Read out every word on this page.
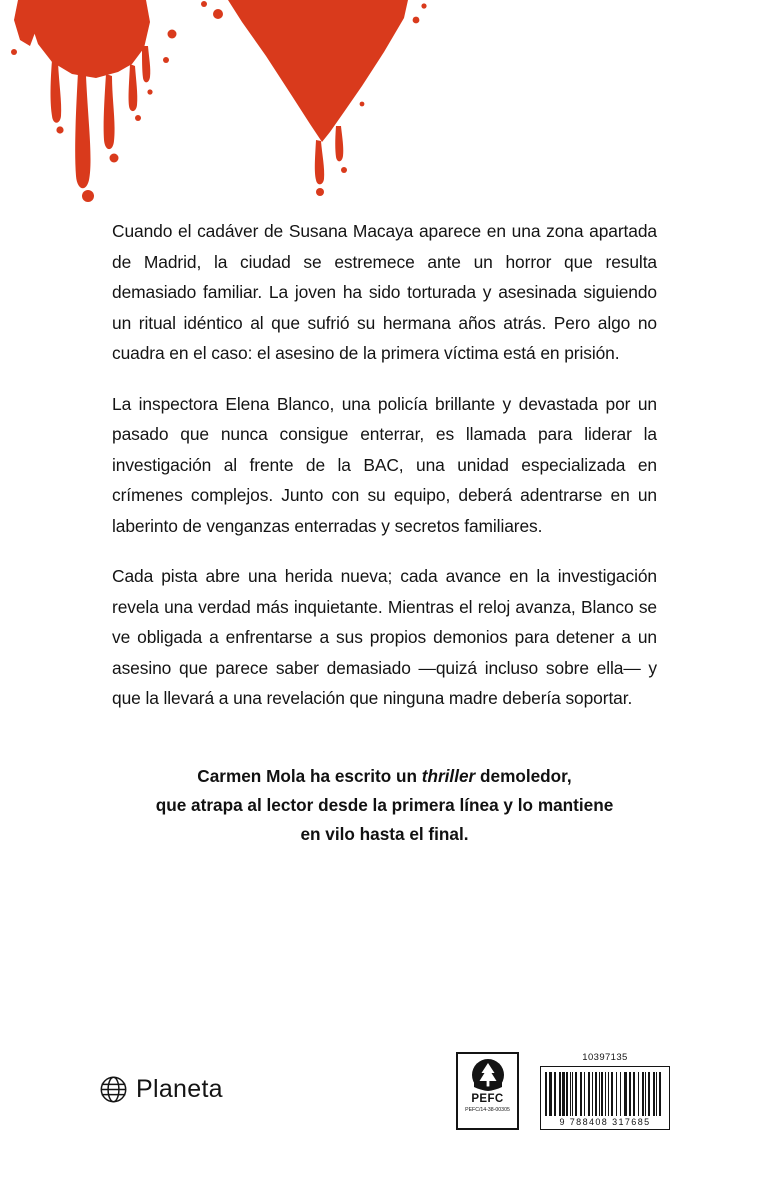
Cuando el cadáver de Susana Macaya aparece en una zona apartada de Madrid, la ciudad se estremece ante un horror que resulta demasiado familiar. La joven ha sido torturada y asesinada siguiendo un ritual idéntico al que sufrió su hermana años atrás. Pero algo no cuadra en el caso: el asesino de la primera víctima está en prisión.

La inspectora Elena Blanco, una policía brillante y devastada por un pasado que nunca consigue enterrar, es llamada para liderar la investigación al frente de la BAC, una unidad especializada en crímenes complejos. Junto con su equipo, deberá adentrarse en un laberinto de venganzas enterradas y secretos familiares.

Cada pista abre una herida nueva; cada avance en la investigación revela una verdad más inquietante. Mientras el reloj avanza, Blanco se ve obligada a enfrentarse a sus propios demonios para detener a un asesino que parece saber demasiado —quizá incluso sobre ella— y que la llevará a una revelación que ninguna madre debería soportar.

Carmen Mola ha escrito un thriller demoledor,
que atrapa al lector desde la primera línea y lo mantiene
en vilo hasta el final.
Planeta	PEFC
PEFC/14-38-00305
10397135
9 788408 317685
